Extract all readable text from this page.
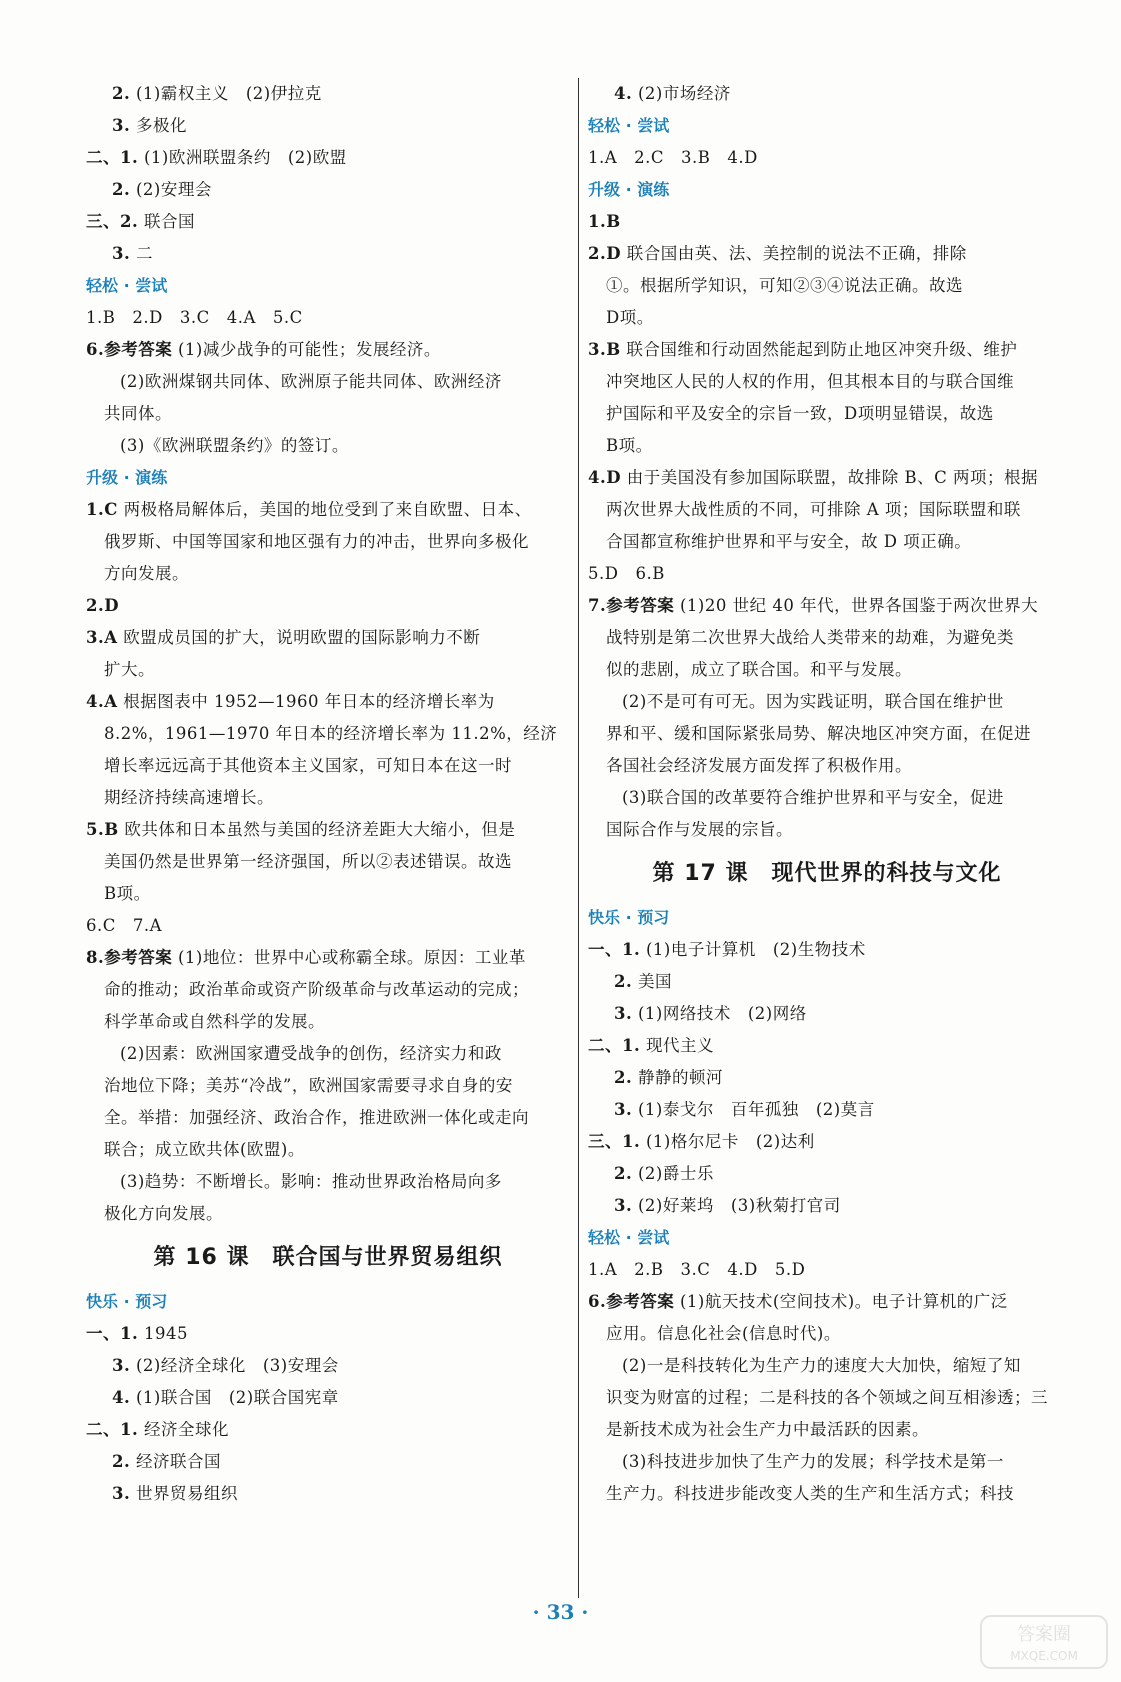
2. (1)霸权主义　(2)伊拉克
3. 多极化
二、1. (1)欧洲联盟条约　(2)欧盟
2. (2)安理会
三、2. 联合国
3. 二
轻松 · 尝试
1.B　2.D　3.C　4.A　5.C
6.参考答案 (1)减少战争的可能性；发展经济。
(2)欧洲煤钢共同体、欧洲原子能共同体、欧洲经济
共同体。
(3)《欧洲联盟条约》的签订。
升级 · 演练
1.C 两极格局解体后，美国的地位受到了来自欧盟、日本、
俄罗斯、中国等国家和地区强有力的冲击，世界向多极化
方向发展。
2.D
3.A 欧盟成员国的扩大，说明欧盟的国际影响力不断
扩大。
4.A 根据图表中 1952—1960 年日本的经济增长率为
8.2%，1961—1970 年日本的经济增长率为 11.2%，经济
增长率远远高于其他资本主义国家，可知日本在这一时
期经济持续高速增长。
5.B 欧共体和日本虽然与美国的经济差距大大缩小，但是
美国仍然是世界第一经济强国，所以②表述错误。故选
B项。
6.C　7.A
8.参考答案 (1)地位：世界中心或称霸全球。原因：工业革
命的推动；政治革命或资产阶级革命与改革运动的完成；
科学革命或自然科学的发展。
(2)因素：欧洲国家遭受战争的创伤，经济实力和政
治地位下降；美苏“冷战”，欧洲国家需要寻求自身的安
全。举措：加强经济、政治合作，推进欧洲一体化或走向
联合；成立欧共体(欧盟)。
(3)趋势：不断增长。影响：推动世界政治格局向多
极化方向发展。
第 16 课　联合国与世界贸易组织
快乐 · 预习
一、1. 1945
3. (2)经济全球化　(3)安理会
4. (1)联合国　(2)联合国宪章
二、1. 经济全球化
2. 经济联合国
3. 世界贸易组织
4. (2)市场经济
轻松 · 尝试
1.A　2.C　3.B　4.D
升级 · 演练
1.B
2.D 联合国由英、法、美控制的说法不正确，排除
①。根据所学知识，可知②③④说法正确。故选
D项。
3.B 联合国维和行动固然能起到防止地区冲突升级、维护
冲突地区人民的人权的作用，但其根本目的与联合国维
护国际和平及安全的宗旨一致，D项明显错误，故选
B项。
4.D 由于美国没有参加国际联盟，故排除 B、C 两项；根据
两次世界大战性质的不同，可排除 A 项；国际联盟和联
合国都宣称维护世界和平与安全，故 D 项正确。
5.D　6.B
7.参考答案 (1)20 世纪 40 年代，世界各国鉴于两次世界大
战特别是第二次世界大战给人类带来的劫难，为避免类
似的悲剧，成立了联合国。和平与发展。
(2)不是可有可无。因为实践证明，联合国在维护世
界和平、缓和国际紧张局势、解决地区冲突方面，在促进
各国社会经济发展方面发挥了积极作用。
(3)联合国的改革要符合维护世界和平与安全，促进
国际合作与发展的宗旨。
第 17 课　现代世界的科技与文化
快乐 · 预习
一、1. (1)电子计算机　(2)生物技术
2. 美国
3. (1)网络技术　(2)网络
二、1. 现代主义
2. 静静的顿河
3. (1)泰戈尔　百年孤独　(2)莫言
三、1. (1)格尔尼卡　(2)达利
2. (2)爵士乐
3. (2)好莱坞　(3)秋菊打官司
轻松 · 尝试
1.A　2.B　3.C　4.D　5.D
6.参考答案 (1)航天技术(空间技术)。电子计算机的广泛
应用。信息化社会(信息时代)。
(2)一是科技转化为生产力的速度大大加快，缩短了知
识变为财富的过程；二是科技的各个领域之间互相渗透；三
是新技术成为社会生产力中最活跃的因素。
(3)科技进步加快了生产力的发展；科学技术是第一
生产力。科技进步能改变人类的生产和生活方式；科技
· 33 ·
答案圈
MXQE.COM
